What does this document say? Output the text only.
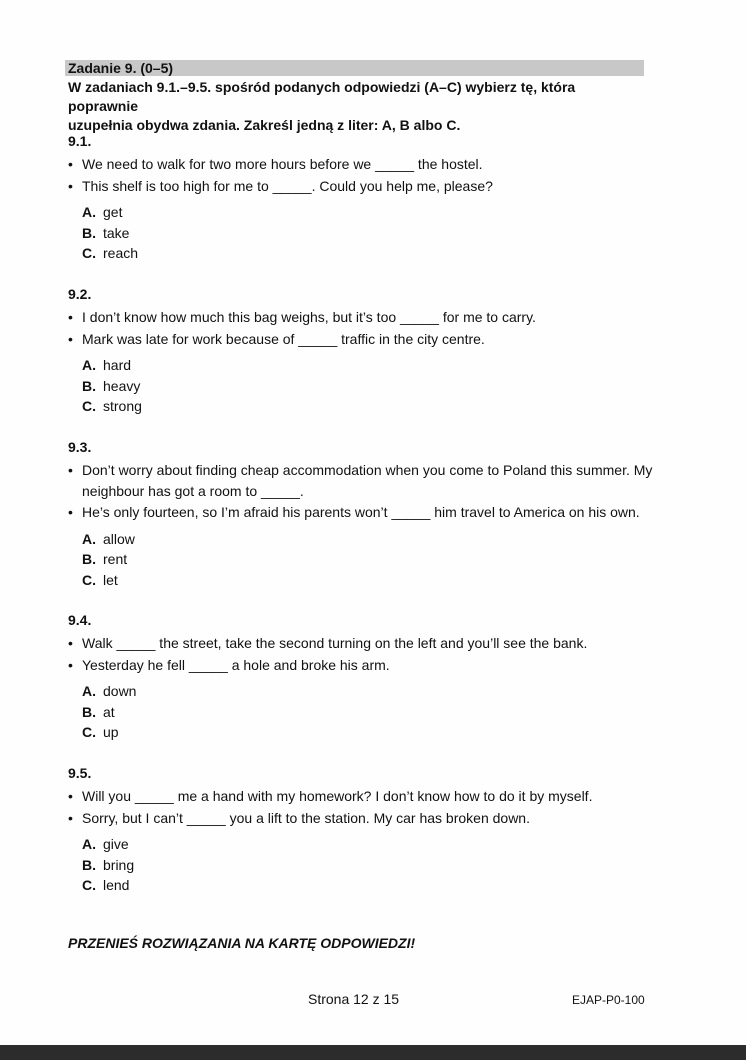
Zadanie 9. (0–5)
W zadaniach 9.1.–9.5. spośród podanych odpowiedzi (A–C) wybierz tę, która poprawnie
uzupełnia obydwa zdania. Zakreśl jedną z liter: A, B albo C.
9.1.
• We need to walk for two more hours before we _____ the hostel.
• This shelf is too high for me to _____. Could you help me, please?
A. get
B. take
C. reach
9.2.
• I don’t know how much this bag weighs, but it’s too _____ for me to carry.
• Mark was late for work because of _____ traffic in the city centre.
A. hard
B. heavy
C. strong
9.3.
• Don’t worry about finding cheap accommodation when you come to Poland this summer. My neighbour has got a room to _____.
• He’s only fourteen, so I’m afraid his parents won’t _____ him travel to America on his own.
A. allow
B. rent
C. let
9.4.
• Walk _____ the street, take the second turning on the left and you’ll see the bank.
• Yesterday he fell _____ a hole and broke his arm.
A. down
B. at
C. up
9.5.
• Will you _____ me a hand with my homework? I don’t know how to do it by myself.
• Sorry, but I can’t _____ you a lift to the station. My car has broken down.
A. give
B. bring
C. lend
PRZENIEŚ ROZWIĄZANIA NA KARTĘ ODPOWIEDZI!
Strona 12 z 15	EJAP-P0-100
